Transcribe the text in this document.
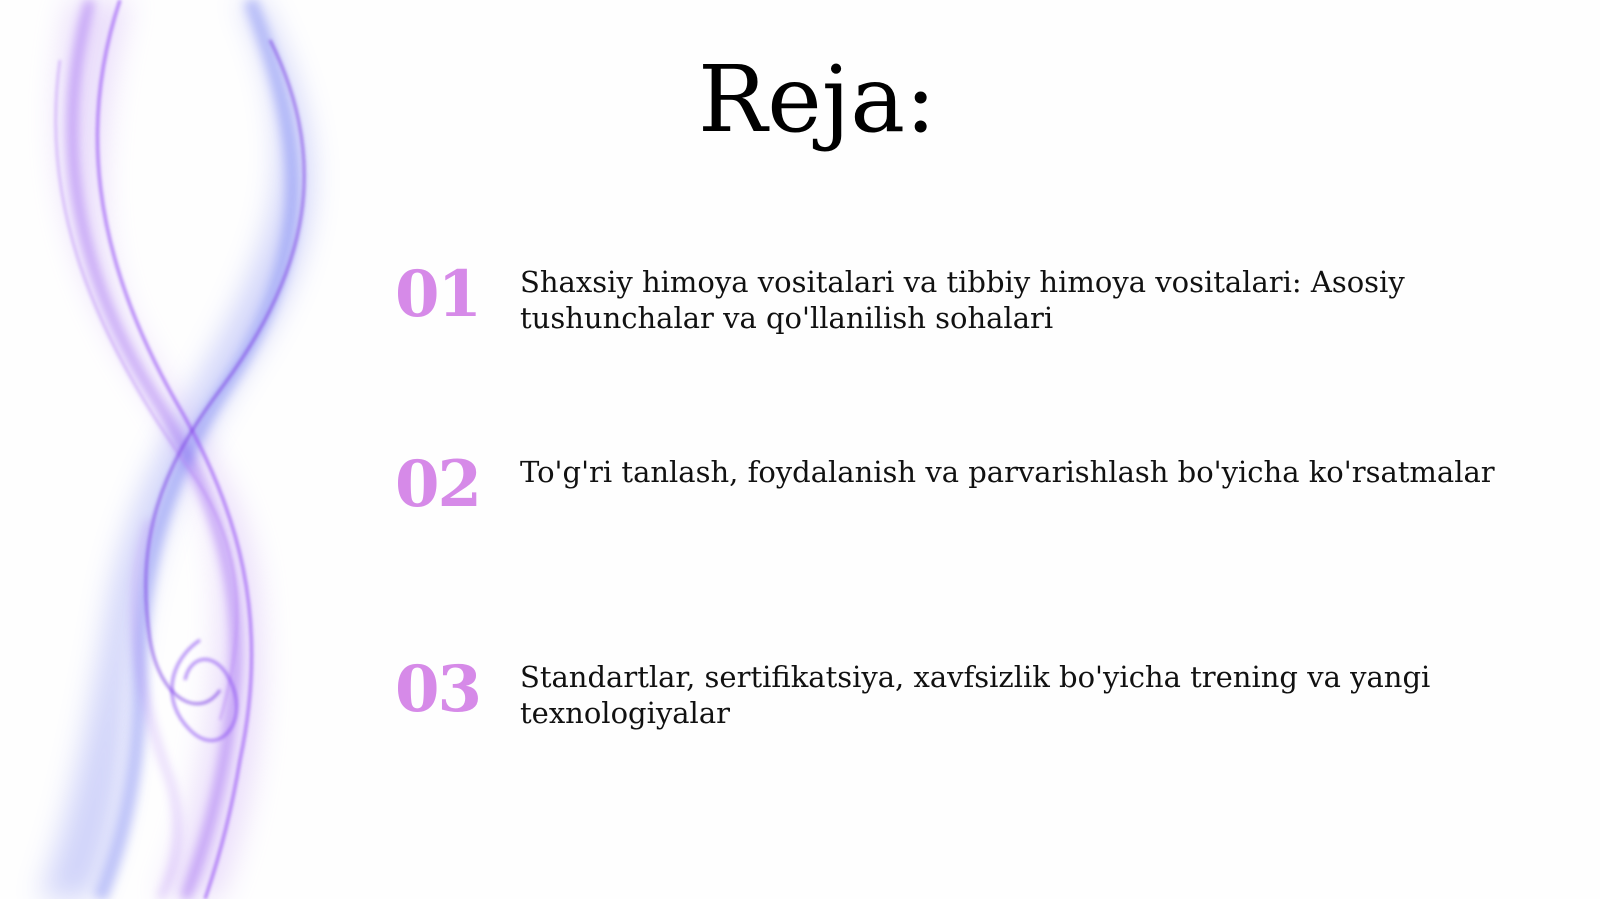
Reja:
01 Shaxsiy himoya vositalari va tibbiy himoya vositalari: Asosiy tushunchalar va qo'llanilish sohalari
02 To'g'ri tanlash, foydalanish va parvarishlash bo'yicha ko'rsatmalar
03 Standartlar, sertifikatsiya, xavfsizlik bo'yicha trening va yangi texnologiyalar
